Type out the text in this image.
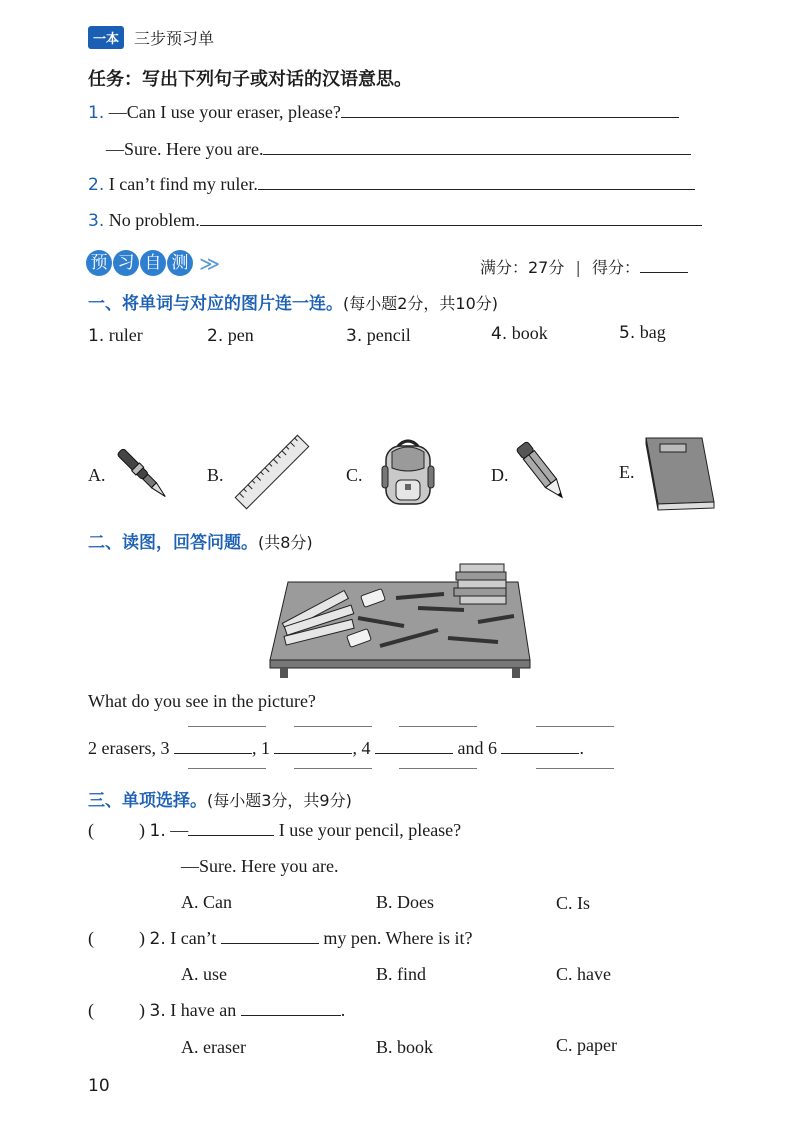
一本 三步预习单
任务：写出下列句子或对话的汉语意思。
1. —Can I use your eraser, please?
—Sure. Here you are.
2. I can’t find my ruler.
3. No problem.
预 习 自 测 ≫	满分：27分 | 得分：
一、将单词与对应的图片连一连。(每小题2分，共10分)
1. ruler	2. pen	3. pencil	4. book	5. bag
A.	B.	C.	D.	E.
二、读图，回答问题。(共8分)
What do you see in the picture?
2 erasers, 3	, 1	, 4	and 6	.
三、单项选择。(每小题3分，共9分)
(	) 1. —	I use your pencil, please?
—Sure. Here you are.
A. Can	B. Does	C. Is
(	) 2. I can’t	my pen. Where is it?
A. use	B. find	C. have
(	) 3. I have an	.
A. eraser	B. book	C. paper
10
